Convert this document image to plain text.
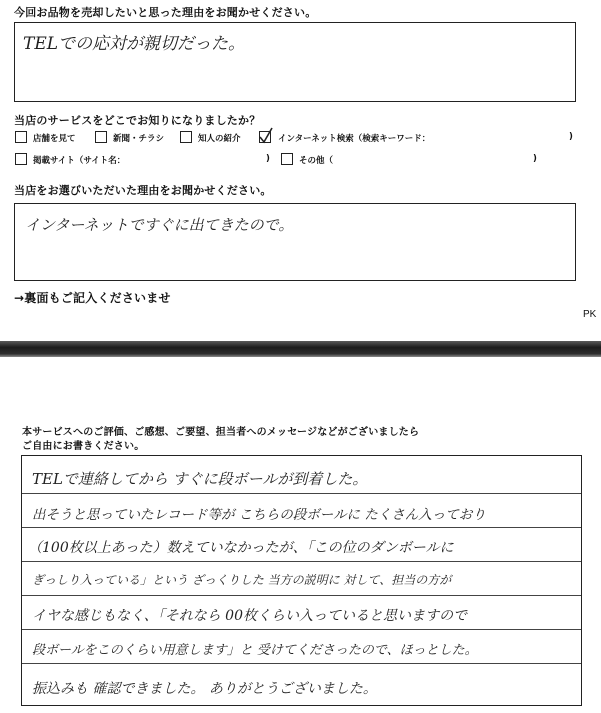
今回お品物を売却したいと思った理由をお聞かせください。
TELでの応対が親切だった。
当店のサービスをどこでお知りになりましたか？
店舗を見て	新聞・チラシ	知人の紹介	インターネット検索（検索キーワード：	)
掲載サイト（サイト名：	)	その他（	)
当店をお選びいただいた理由をお聞かせください。
インターネットですぐに出てきたので。
→裏面もご記入くださいませ
PK
本サービスへのご評価、ご感想、ご要望、担当者へのメッセージなどがございましたら
ご自由にお書きください。
TELで連絡してから すぐに段ボールが到着した。
出そうと思っていたレコード等が こちらの段ボールに たくさん入っており
（100枚以上あった）数えていなかったが、「この位のダンボールに
ぎっしり入っている」という ざっくりした 当方の説明に 対して、担当の方が
イヤな感じもなく、「それなら 00枚くらい入っていると思いますので
段ボールをこのくらい用意します」と 受けてくださったので、ほっとした。
振込みも 確認できました。 ありがとうございました。
